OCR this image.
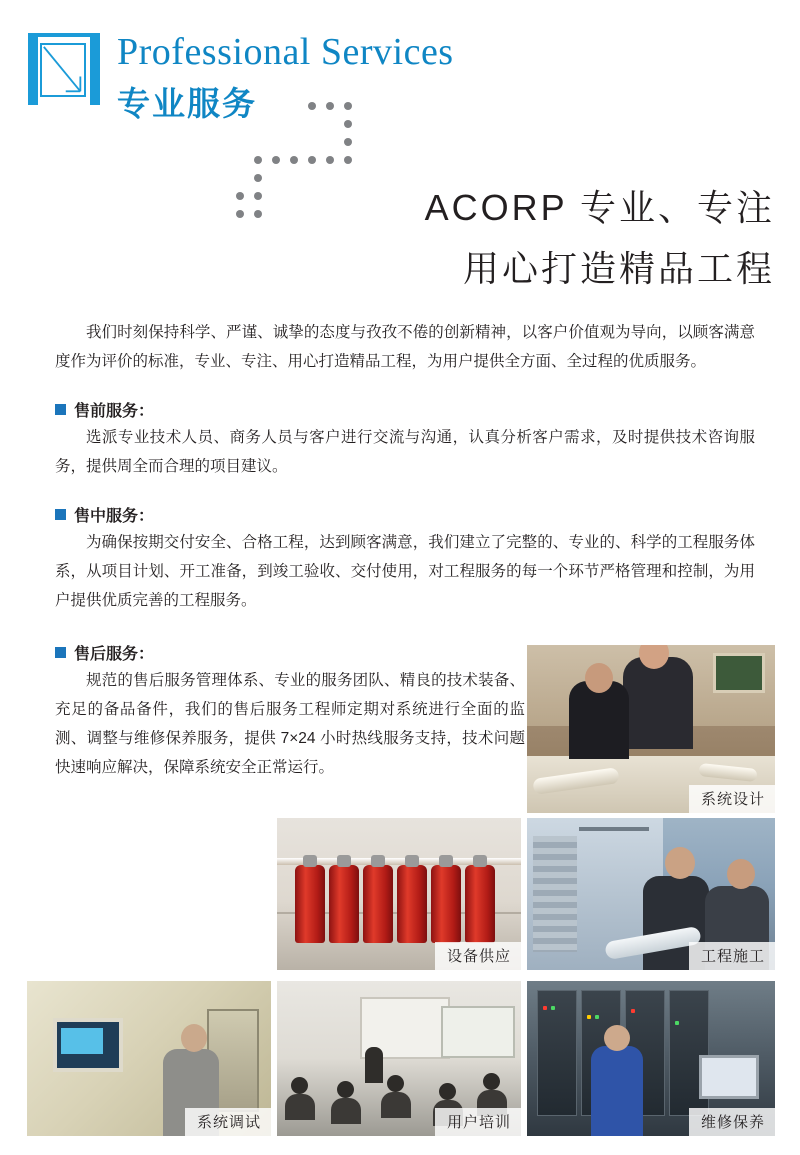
Professional Services
专业服务
ACORP 专业、专注
用心打造精品工程
我们时刻保持科学、严谨、诚挚的态度与孜孜不倦的创新精神，以客户价值观为导向，以顾客满意度作为评价的标准，专业、专注、用心打造精品工程，为用户提供全方面、全过程的优质服务。
售前服务：
选派专业技术人员、商务人员与客户进行交流与沟通，认真分析客户需求，及时提供技术咨询服务，提供周全而合理的项目建议。
售中服务：
为确保按期交付安全、合格工程，达到顾客满意，我们建立了完整的、专业的、科学的工程服务体系，从项目计划、开工准备，到竣工验收、交付使用，对工程服务的每一个环节严格管理和控制，为用户提供优质完善的工程服务。
售后服务：
规范的售后服务管理体系、专业的服务团队、精良的技术装备、充足的备品备件，我们的售后服务工程师定期对系统进行全面的监测、调整与维修保养服务，提供 7×24 小时热线服务支持，技术问题快速响应解决，保障系统安全正常运行。
系统设计
设备供应	工程施工
系统调试	用户培训	维修保养
